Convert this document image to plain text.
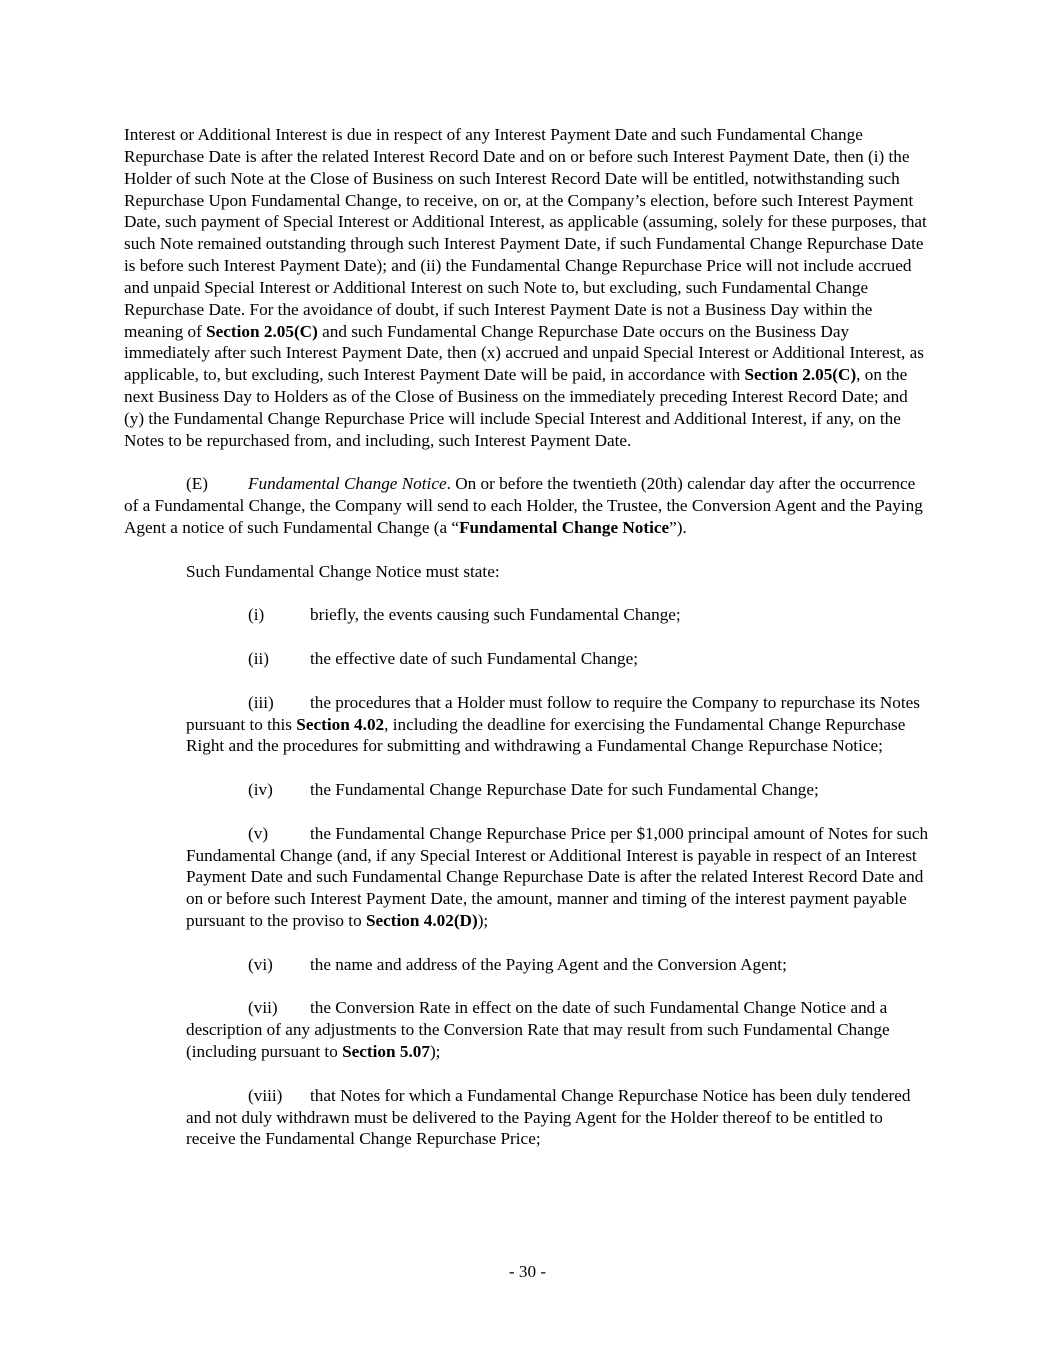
Interest or Additional Interest is due in respect of any Interest Payment Date and such Fundamental Change Repurchase Date is after the related Interest Record Date and on or before such Interest Payment Date, then (i) the Holder of such Note at the Close of Business on such Interest Record Date will be entitled, notwithstanding such Repurchase Upon Fundamental Change, to receive, on or, at the Company’s election, before such Interest Payment Date, such payment of Special Interest or Additional Interest, as applicable (assuming, solely for these purposes, that such Note remained outstanding through such Interest Payment Date, if such Fundamental Change Repurchase Date is before such Interest Payment Date); and (ii) the Fundamental Change Repurchase Price will not include accrued and unpaid Special Interest or Additional Interest on such Note to, but excluding, such Fundamental Change Repurchase Date. For the avoidance of doubt, if such Interest Payment Date is not a Business Day within the meaning of Section 2.05(C) and such Fundamental Change Repurchase Date occurs on the Business Day immediately after such Interest Payment Date, then (x) accrued and unpaid Special Interest or Additional Interest, as applicable, to, but excluding, such Interest Payment Date will be paid, in accordance with Section 2.05(C), on the next Business Day to Holders as of the Close of Business on the immediately preceding Interest Record Date; and (y) the Fundamental Change Repurchase Price will include Special Interest and Additional Interest, if any, on the Notes to be repurchased from, and including, such Interest Payment Date.

(E) Fundamental Change Notice. On or before the twentieth (20th) calendar day after the occurrence of a Fundamental Change, the Company will send to each Holder, the Trustee, the Conversion Agent and the Paying Agent a notice of such Fundamental Change (a “Fundamental Change Notice”).

Such Fundamental Change Notice must state:

(i)	briefly, the events causing such Fundamental Change;

(ii) the effective date of such Fundamental Change;

(iii) the procedures that a Holder must follow to require the Company to repurchase its Notes pursuant to this Section 4.02, including the deadline for exercising the Fundamental Change Repurchase Right and the procedures for submitting and withdrawing a Fundamental Change Repurchase Notice;

(iv) the Fundamental Change Repurchase Date for such Fundamental Change;

(v) the Fundamental Change Repurchase Price per $1,000 principal amount of Notes for such Fundamental Change (and, if any Special Interest or Additional Interest is payable in respect of an Interest Payment Date and such Fundamental Change Repurchase Date is after the related Interest Record Date and on or before such Interest Payment Date, the amount, manner and timing of the interest payment payable pursuant to the proviso to Section 4.02(D));

(vi) the name and address of the Paying Agent and the Conversion Agent;

(vii) the Conversion Rate in effect on the date of such Fundamental Change Notice and a description of any adjustments to the Conversion Rate that may result from such Fundamental Change (including pursuant to Section 5.07);

(viii) that Notes for which a Fundamental Change Repurchase Notice has been duly tendered and not duly withdrawn must be delivered to the Paying Agent for the Holder thereof to be entitled to receive the Fundamental Change Repurchase Price;

- 30 -
